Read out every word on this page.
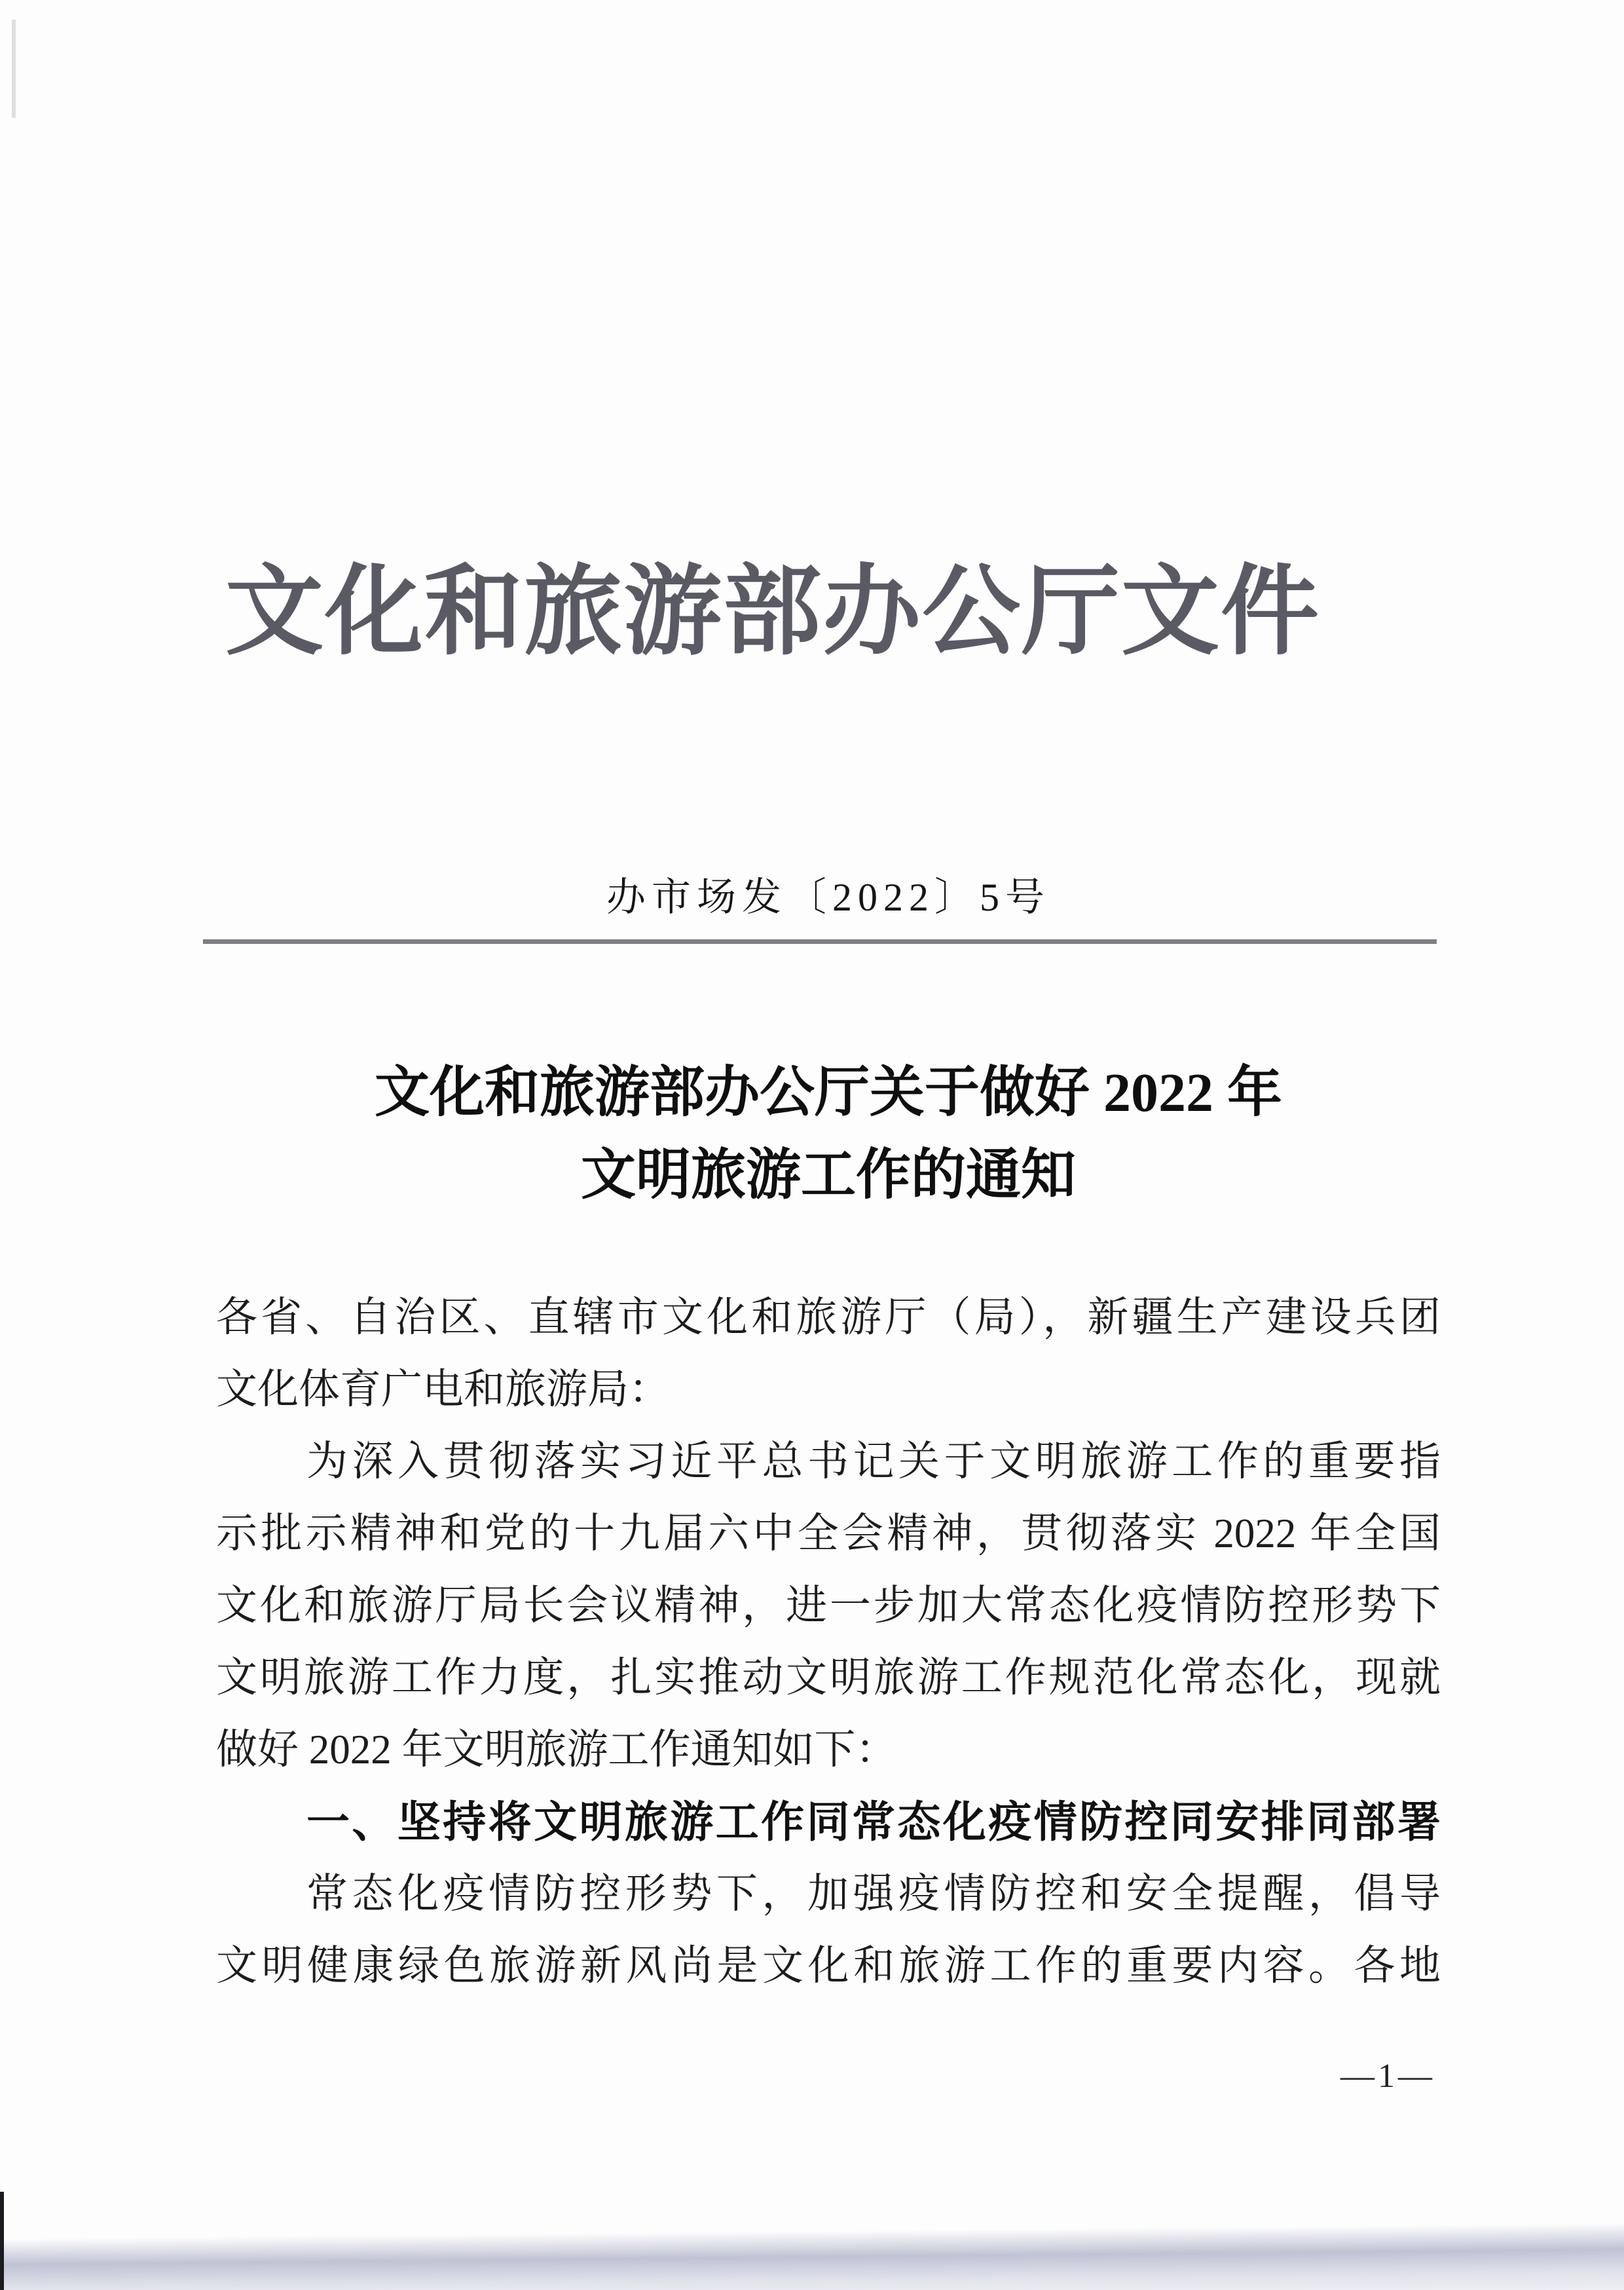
文化和旅游部办公厅文件
办市场发〔2022〕5号
文化和旅游部办公厅关于做好 2022 年
文明旅游工作的通知
各省、自治区、直辖市文化和旅游厅（局），新疆生产建设兵团
文化体育广电和旅游局：
为深入贯彻落实习近平总书记关于文明旅游工作的重要指
示批示精神和党的十九届六中全会精神，贯彻落实 2022 年全国
文化和旅游厅局长会议精神，进一步加大常态化疫情防控形势下
文明旅游工作力度，扎实推动文明旅游工作规范化常态化，现就
做好 2022 年文明旅游工作通知如下：
一、坚持将文明旅游工作同常态化疫情防控同安排同部署
常态化疫情防控形势下，加强疫情防控和安全提醒，倡导
文明健康绿色旅游新风尚是文化和旅游工作的重要内容。各地
—1—
